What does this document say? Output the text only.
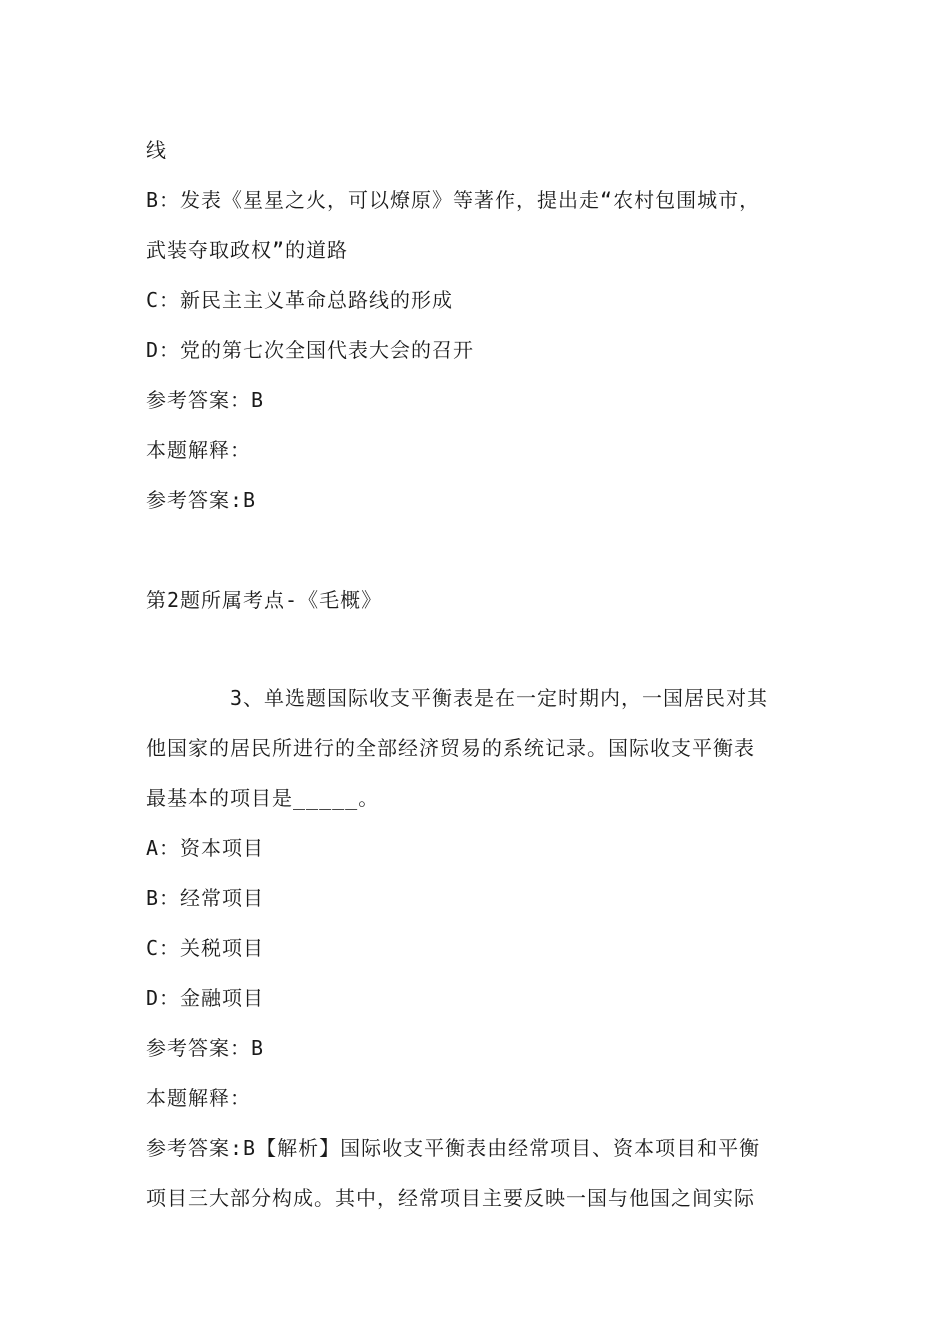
线
B：发表《星星之火，可以燎原》等著作，提出走“农村包围城市，
武装夺取政权”的道路
C：新民主主义革命总路线的形成
D：党的第七次全国代表大会的召开
参考答案：B
本题解释：
参考答案:B
第2题所属考点-《毛概》
3、单选题国际收支平衡表是在一定时期内，一国居民对其
他国家的居民所进行的全部经济贸易的系统记录。国际收支平衡表
最基本的项目是_____。
A：资本项目
B：经常项目
C：关税项目
D：金融项目
参考答案：B
本题解释：
参考答案:B【解析】国际收支平衡表由经常项目、资本项目和平衡
项目三大部分构成。其中，经常项目主要反映一国与他国之间实际
